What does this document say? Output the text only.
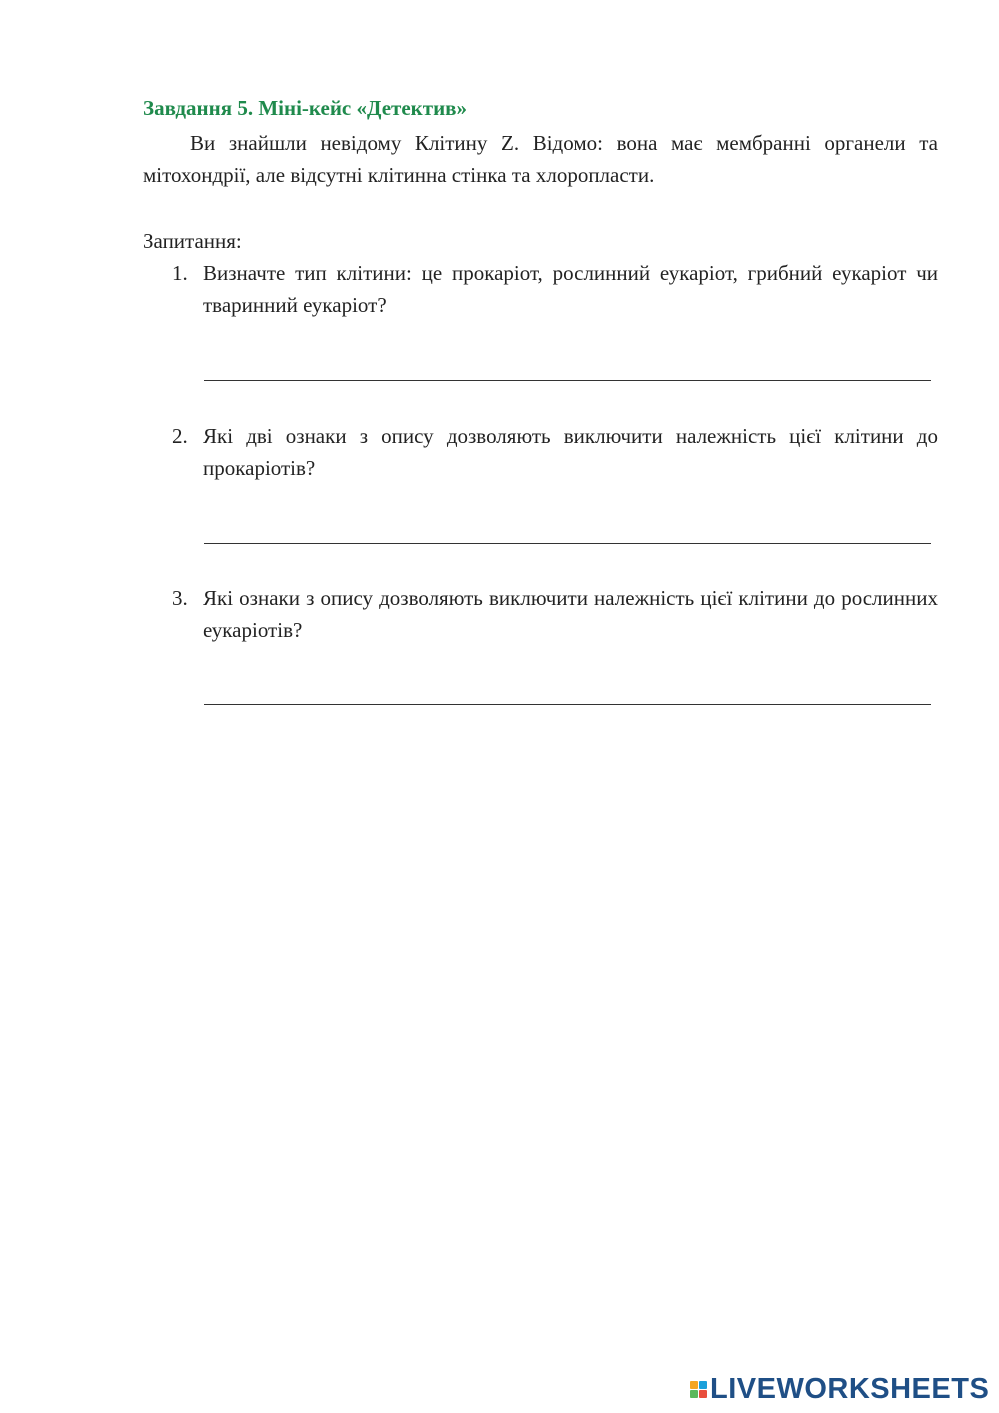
Завдання 5. Міні-кейс «Детектив»

Ви знайшли невідому Клітину Z. Відомо: вона має мембранні органели та мітохондрії, але відсутні клітинна стінка та хлоропласти.

Запитання:
1. Визначте тип клітини: це прокаріот, рослинний еукаріот, грибний еукаріот чи тваринний еукаріот?
2. Які дві ознаки з опису дозволяють виключити належність цієї клітини до прокаріотів?
3. Які ознаки з опису дозволяють виключити належність цієї клітини до рослинних еукаріотів?
LIVEWORKSHEETS
